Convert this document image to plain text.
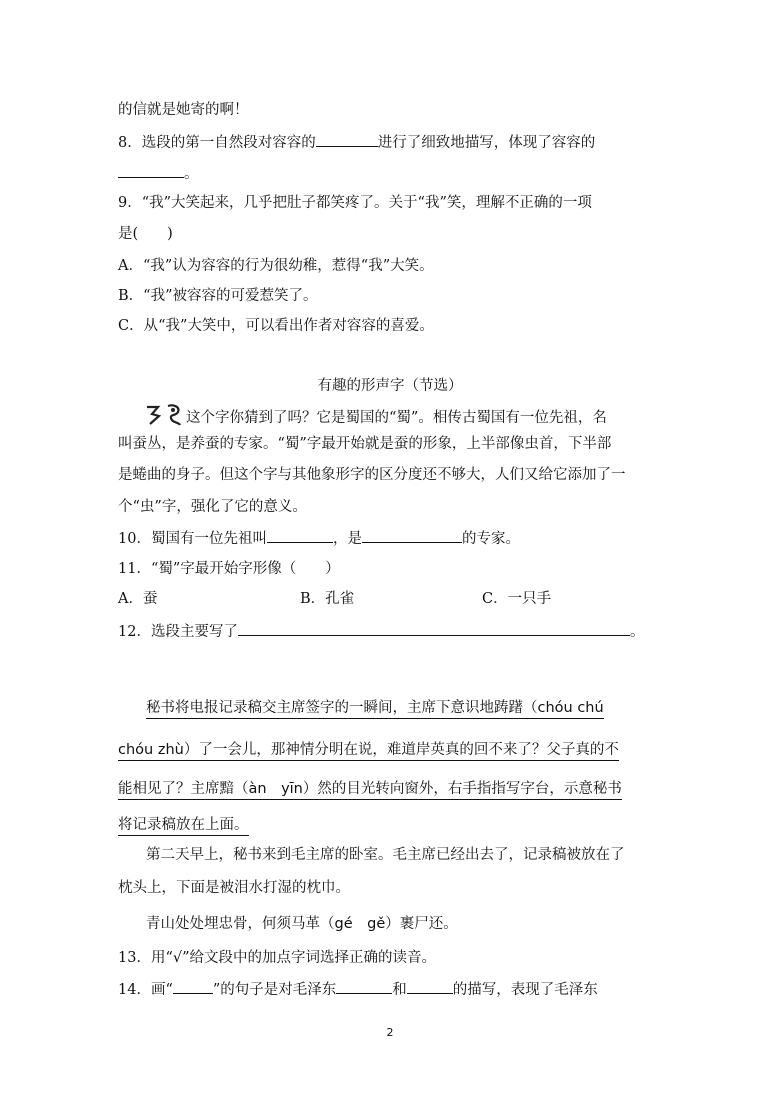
的信就是她寄的啊！
8．选段的第一自然段对容容的	进行了细致地描写，体现了容容的
。
9．“我”大笑起来，几乎把肚子都笑疼了。关于“我”笑，理解不正确的一项
是(　　)
A．“我”认为容容的行为很幼稚，惹得“我”大笑。
B．“我”被容容的可爱惹笑了。
C．从“我”大笑中，可以看出作者对容容的喜爱。
有趣的形声字（节选）
这个字你猜到了吗？它是蜀国的“蜀”。相传古蜀国有一位先祖，名
叫蚕丛，是养蚕的专家。“蜀”字最开始就是蚕的形象，上半部像虫首，下半部
是蜷曲的身子。但这个字与其他象形字的区分度还不够大，人们又给它添加了一
个“虫”字，强化了它的意义。
10．蜀国有一位先祖叫	，是	的专家。
11．“蜀”字最开始字形像（　　）
A．蚕	B．孔雀	C．一只手
12．选段主要写了	。
秘书将电报记录稿交主席签字的一瞬间，主席下意识地踌躇（chóu chú
chóu zhù）了一会儿，那神情分明在说，难道岸英真的回不来了？父子真的不
能相见了？主席黯（àn　yīn）然的目光转向窗外，右手指指写字台，示意秘书
将记录稿放在上面。
第二天早上，秘书来到毛主席的卧室。毛主席已经出去了，记录稿被放在了
枕头上，下面是被泪水打湿的枕巾。
青山处处埋忠骨，何须马革（gé　gě）裹尸还。
13．用“√”给文段中的加点字词选择正确的读音。
14．画“	”的句子是对毛泽东	和	的描写，表现了毛泽东
2
